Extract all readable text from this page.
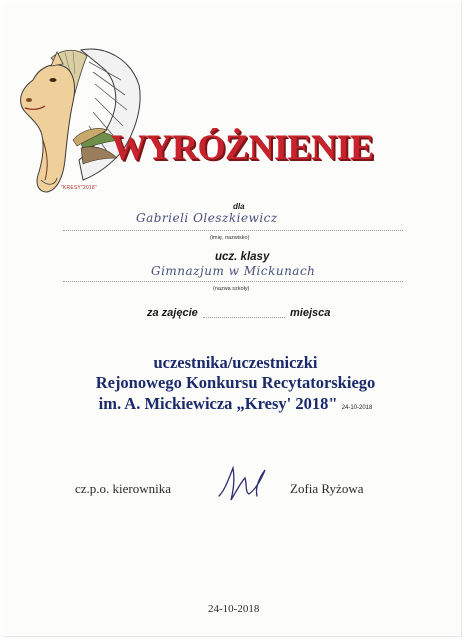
"KRESY"2018"
WYRÓŻNIENIE
dla
Gabrieli Oleszkiewicz
(imię, nazwisko)
ucz. klasy
Gimnazjum w Mickunach
(nazwa szkoły)
za zajęcie	miejsca
uczestnika/uczestniczki
Rejonowego Konkursu Recytatorskiego
im. A. Mickiewicza „Kresy' 2018" 24-10-2018
cz.p.o. kierownika	Zofia Ryżowa
24-10-2018
